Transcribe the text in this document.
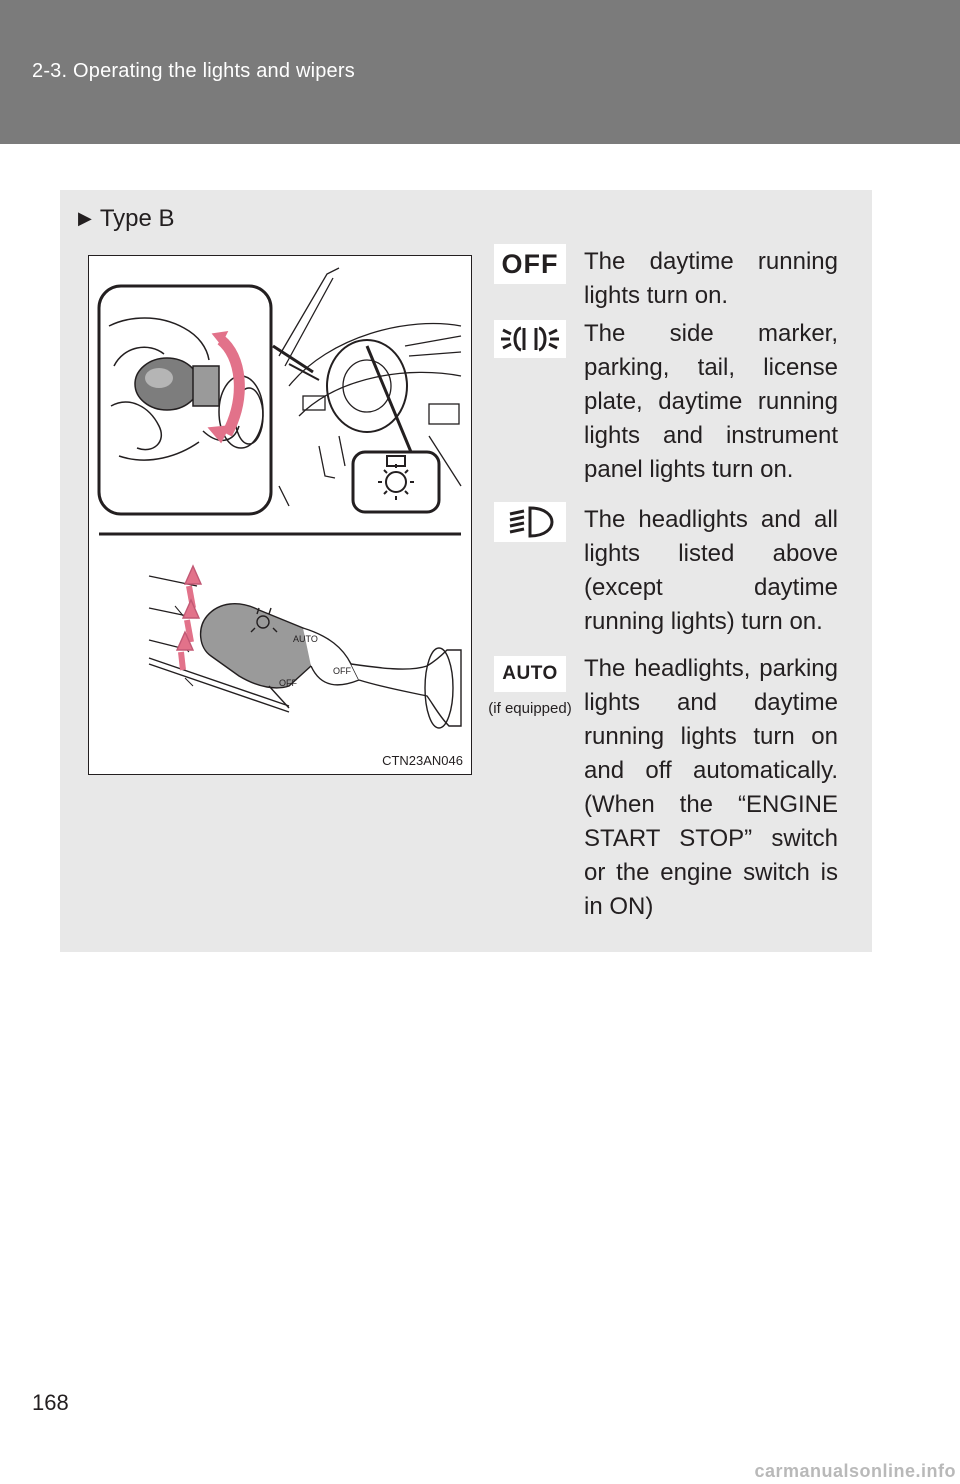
2-3. Operating the lights and wipers
▶ Type B
AUTO
OFF
OFF
CTN23AN046
OFF The daytime running lights turn on.
The side marker, parking, tail, license plate, daytime running lights and instrument panel lights turn on.
The headlights and all lights listed above (except daytime running lights) turn on.
AUTO
(if equipped)
The headlights, parking lights and daytime running lights turn on and off automatically. (When the “ENGINE START STOP” switch or the engine switch is in ON)
168
carmanualsonline.info
